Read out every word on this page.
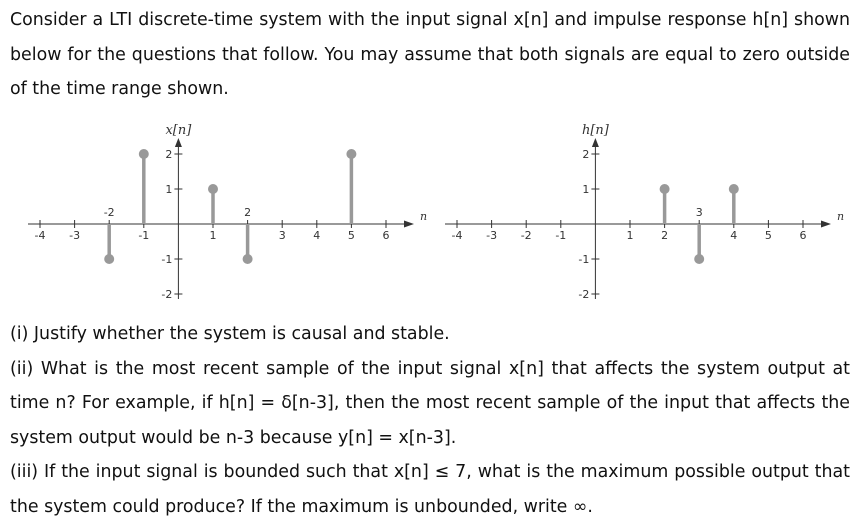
Consider a LTI discrete-time system with the input signal x[n] and impulse response h[n] shown below for the questions that follow. You may assume that both signals are equal to zero outside of the time range shown.

n
x[n]
-4 -3	-1	1	3	4	5	6
2
1
-1
-2
-2	2	n
h[n]
-4 -3 -2 -1	1	2	4	5	6
2
1
-1
-2
3
(i) Justify whether the system is causal and stable.
(ii) What is the most recent sample of the input signal x[n] that affects the system output at time n? For example, if h[n] = δ[n-3], then the most recent sample of the input that affects the system output would be n-3 because y[n] = x[n-3].
(iii) If the input signal is bounded such that x[n] ≤ 7, what is the maximum possible output that the system could produce? If the maximum is unbounded, write ∞.
